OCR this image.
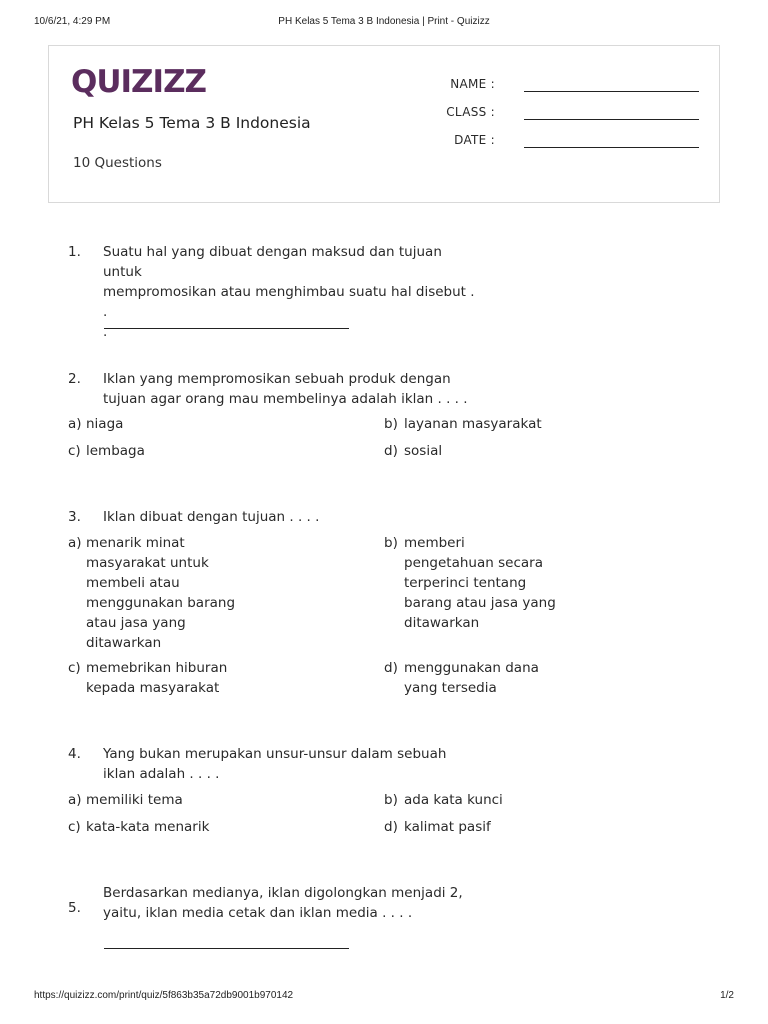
10/6/21, 4:29 PM	PH Kelas 5 Tema 3 B Indonesia | Print - Quizizz
QUIZIZZ
PH Kelas 5 Tema 3 B Indonesia
10 Questions
NAME :
CLASS :
DATE :
1. Suatu hal yang dibuat dengan maksud dan tujuan untuk
mempromosikan atau menghimbau suatu hal disebut . .
.
2. Iklan yang mempromosikan sebuah produk dengan
tujuan agar orang mau membelinya adalah iklan . . . .
a) niaga	b) layanan masyarakat
c) lembaga	d) sosial
3. Iklan dibuat dengan tujuan . . . .
a) menarik minat
masyarakat untuk
membeli atau
menggunakan barang
atau jasa yang
ditawarkan
b) memberi
pengetahuan secara
terperinci tentang
barang atau jasa yang
ditawarkan
c) memebrikan hiburan
kepada masyarakat
d) menggunakan dana
yang tersedia
4. Yang bukan merupakan unsur-unsur dalam sebuah
iklan adalah . . . .
a) memiliki tema	b) ada kata kunci
c) kata-kata menarik	d) kalimat pasif
5.
Berdasarkan medianya, iklan digolongkan menjadi 2,
yaitu, iklan media cetak dan iklan media . . . .
https://quizizz.com/print/quiz/5f863b35a72db9001b970142	1/2
